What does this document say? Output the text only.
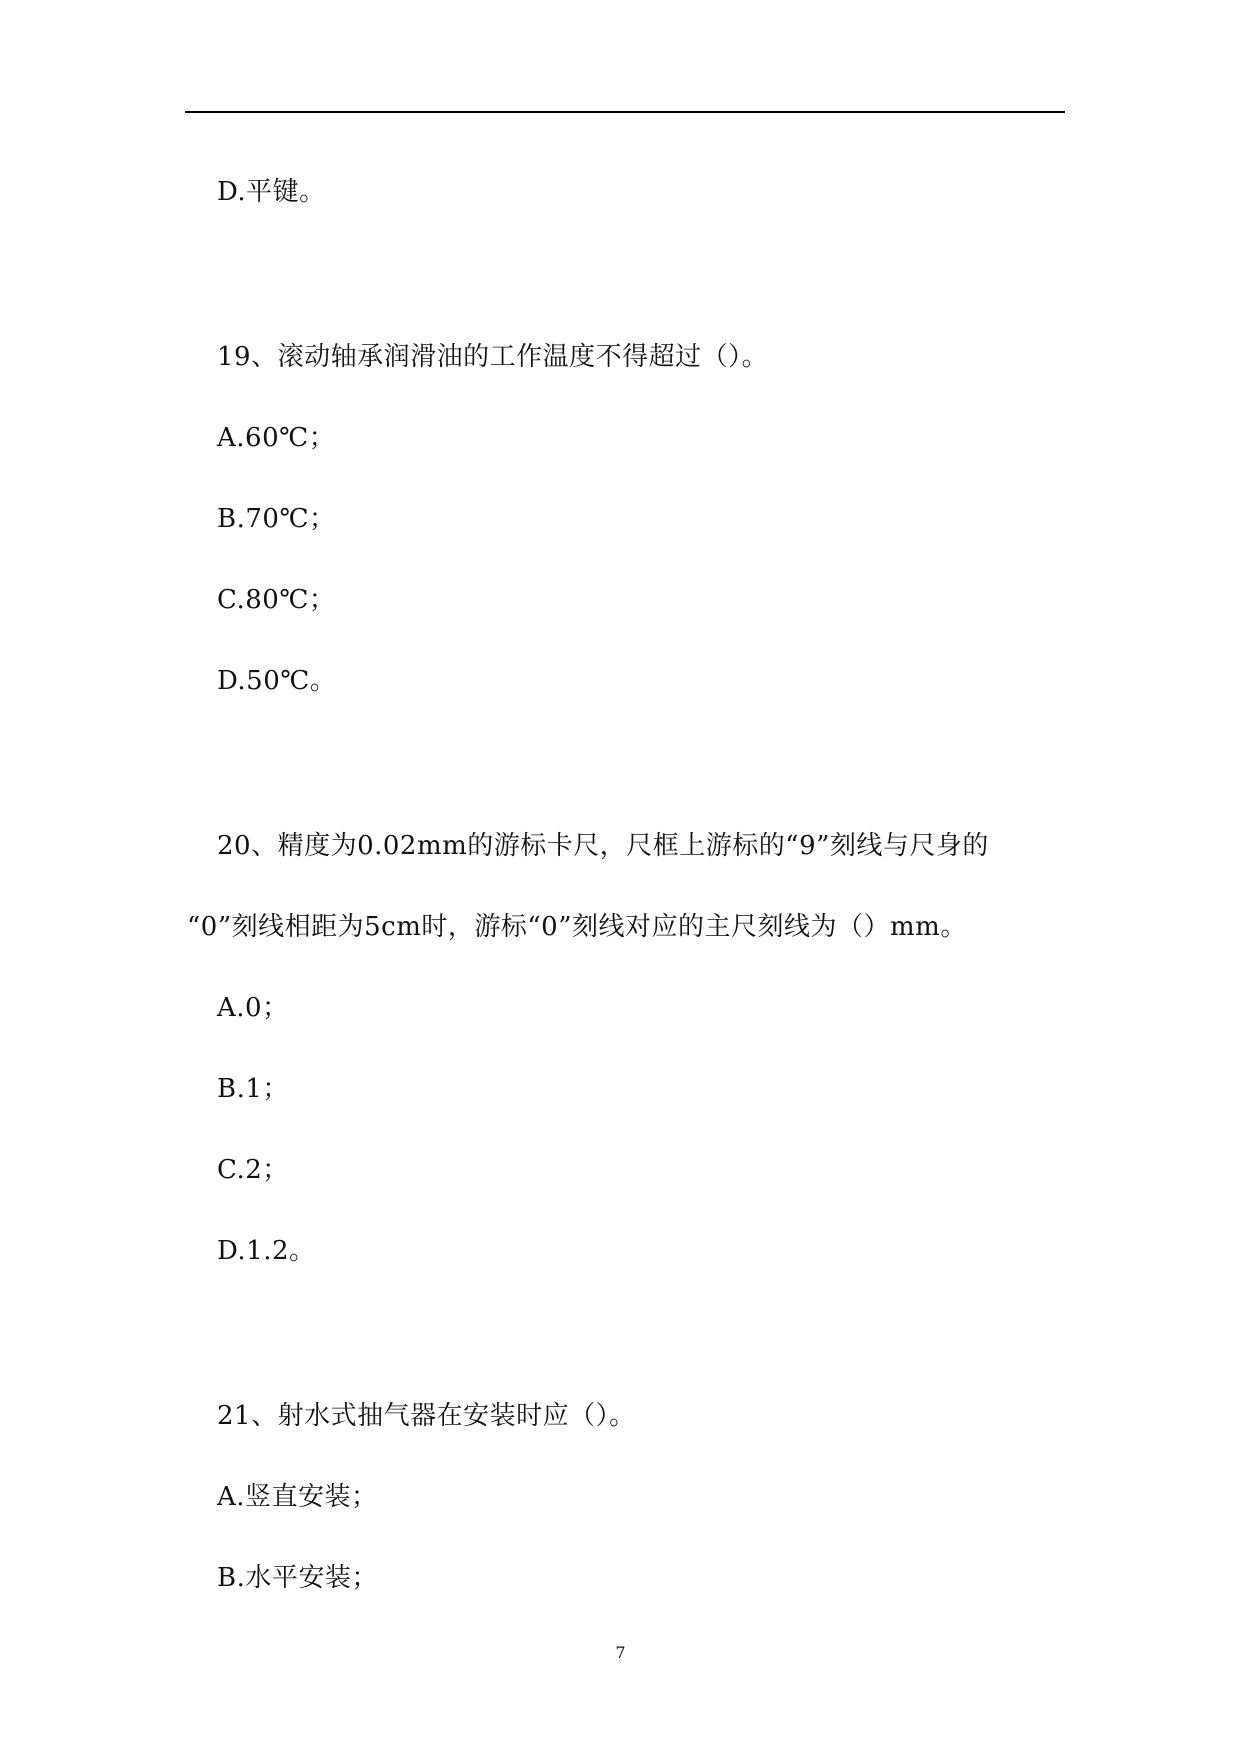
D.平键。
19、滚动轴承润滑油的工作温度不得超过（）。
A.60℃；
B.70℃；
C.80℃；
D.50℃。
20、精度为0.02mm的游标卡尺，尺框上游标的“9”刻线与尺身的
“0”刻线相距为5cm时，游标“0”刻线对应的主尺刻线为（）mm。
A.0；
B.1；
C.2；
D.1.2。
21、射水式抽气器在安装时应（）。
A.竖直安装；
B.水平安装；
7
